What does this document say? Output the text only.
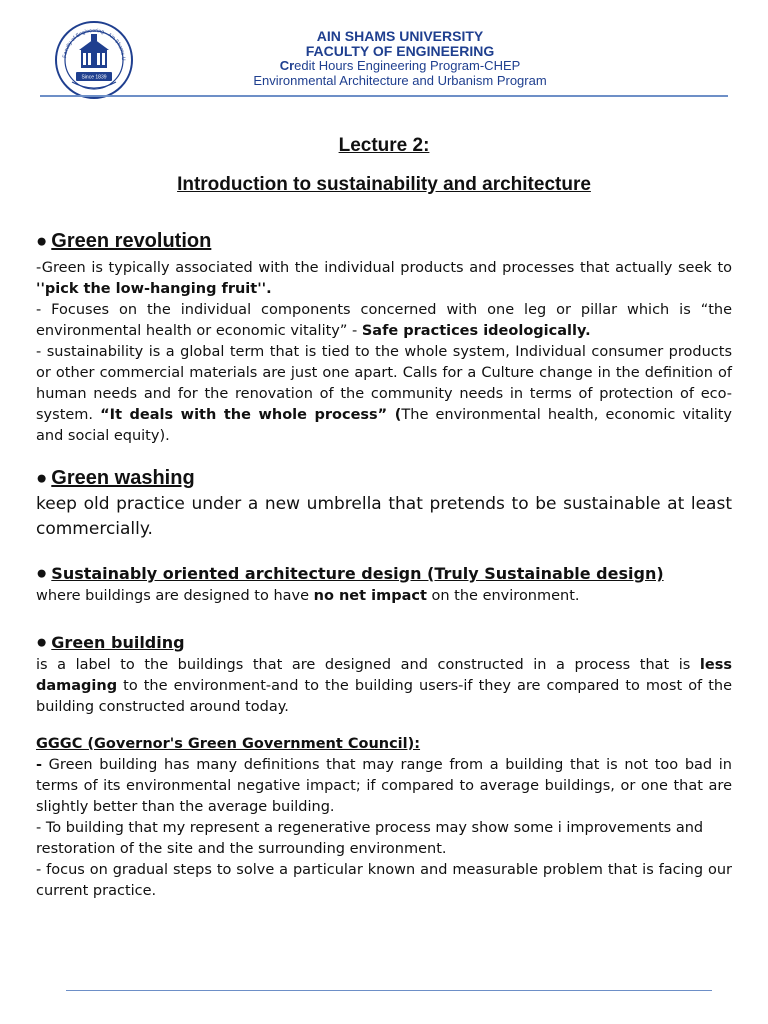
Faculty of Engineering - Ain Shams U
Since 1839
AIN SHAMS UNIVERSITY
FACULTY OF ENGINEERING
Credit Hours Engineering Program-CHEP
Environmental Architecture and Urbanism Program
Lecture 2:
Introduction to sustainability and architecture
● Green revolution

-Green is typically associated with the individual products and processes that actually seek to ''pick the low-hanging fruit''.

- Focuses on the individual components concerned with one leg or pillar which is “the environmental health or economic vitality” - Safe practices ideologically.

- sustainability is a global term that is tied to the whole system, Individual consumer products or other commercial materials are just one apart. Calls for a Culture change in the definition of human needs and for the renovation of the community needs in terms of protection of eco-system. “It deals with the whole process” (The environmental health, economic vitality and social equity).

● Green washing

keep old practice under a new umbrella that pretends to be sustainable at least commercially.

● Sustainably oriented architecture design (Truly Sustainable design)

where buildings are designed to have no net impact on the environment.

● Green building

is a label to the buildings that are designed and constructed in a process that is less damaging to the environment-and to the building users-if they are compared to most of the building constructed around today.

GGGC (Governor's Green Government Council):

- Green building has many definitions that may range from a building that is not too bad in terms of its environmental negative impact; if compared to average buildings, or one that are slightly better than the average building.

- To building that my represent a regenerative process may show some i improvements and restoration of the site and the surrounding environment.

- focus on gradual steps to solve a particular known and measurable problem that is facing our current practice.
